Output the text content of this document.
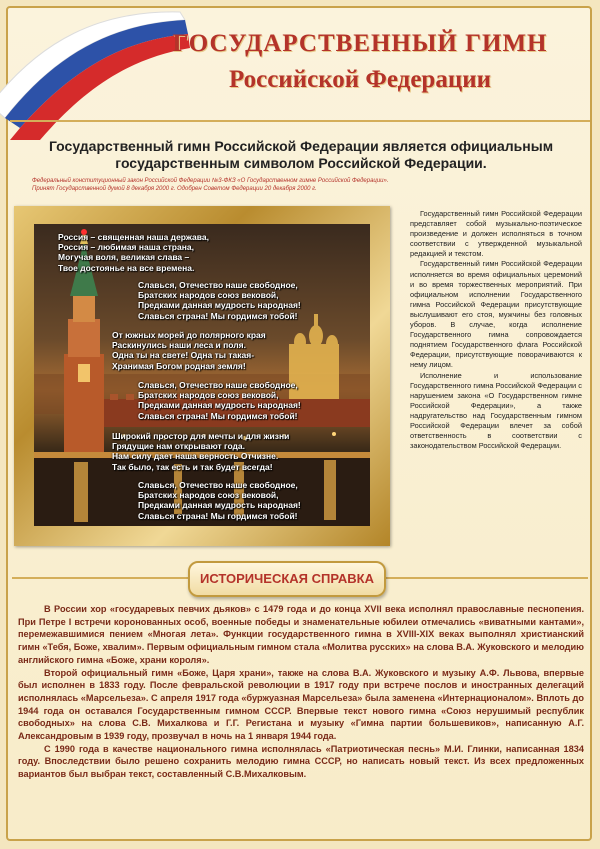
ГОСУДАРСТВЕННЫЙ ГИМН
Российской Федерации
Государственный гимн Российской Федерации является официальным
государственным символом Российской Федерации.
Федеральный конституционный закон Российской Федерации №3-ФКЗ «О Государственном гимне Российской Федерации».
Принят Государственной думой 8 декабря 2000 г. Одобрен Советом Федерации 20 декабря 2000 г.
Россия – священная наша держава,
Россия – любимая наша страна,
Могучая воля, великая слава –
Твое достоянье на все времена.
Славься, Отечество наше свободное,
Братских народов союз вековой,
Предками данная мудрость народная!
Славься страна! Мы гордимся тобой!
От южных морей до полярного края
Раскинулись наши леса и поля.
Одна ты на свете! Одна ты такая-
Хранимая Богом родная земля!
Славься, Отечество наше свободное,
Братских народов союз вековой,
Предками данная мудрость народная!
Славься страна! Мы гордимся тобой!
Широкий простор для мечты и для жизни
Грядущие нам открывают года.
Нам силу дает наша верность Отчизне.
Так было, так есть и так будет всегда!
Славься, Отечество наше свободное,
Братских народов союз вековой,
Предками данная мудрость народная!
Славься страна! Мы гордимся тобой!

Государственный гимн Российской Федерации представляет собой музыкально-поэтическое произведение и должен исполняться в точном соответствии с утвержденной музыкальной редакцией и текстом.

Государственный гимн Российской Федерации исполняется во время официальных церемоний и во время торжественных мероприятий. При официальном исполнении Государственного гимна Российской Федерации присутствующие выслушивают его стоя, мужчины без головных уборов. В случае, когда исполнение Государственного гимна сопровождается поднятием Государственного флага Российской Федерации, присутствующие поворачиваются к нему лицом.

Исполнение и использование Государственного гимна Российской Федерации с нарушением закона «О Государственном гимне Российской Федерации», а также надругательство над Государственным гимном Российской Федерации влечет за собой ответственность в соответствии с законодательством Российской Федерации.

ИСТОРИЧЕСКАЯ СПРАВКА

В России хор «государевых певчих дьяков» с 1479 года и до конца XVII века исполнял православные песнопения. При Петре I встречи коронованных особ, военные победы и знаменательные юбилеи отмечались «виватными кантами», перемежавшимися пением «Многая лета». Функции государственного гимна в XVIII-XIX веках выполнял христианский гимн «Тебя, Боже, хвалим». Первым официальным гимном стала «Молитва русских» на слова В.А. Жуковского и мелодию английского гимна «Боже, храни короля».

Второй официальный гимн «Боже, Царя храни», также на слова В.А. Жуковского и музыку А.Ф. Львова, впервые был исполнен в 1833 году. После февральской революции в 1917 году при встрече послов и иностранных делегаций исполнялась «Марсельеза». С апреля 1917 года «буржуазная Марсельеза» была заменена «Интернационалом». Вплоть до 1944 года он оставался Государственным гимном СССР. Впервые текст нового гимна «Союз нерушимый республик свободных» на слова С.В. Михалкова и Г.Г. Регистана и музыку «Гимна партии большевиков», написанную А.Г. Александровым в 1939 году, прозвучал в ночь на 1 января 1944 года.

С 1990 года в качестве национального гимна исполнялась «Патриотическая песнь» М.И. Глинки, написанная 1834 году. Впоследствии было решено сохранить мелодию гимна СССР, но написать новый текст. Из всех предложенных вариантов был выбран текст, составленный С.В.Михалковым.
